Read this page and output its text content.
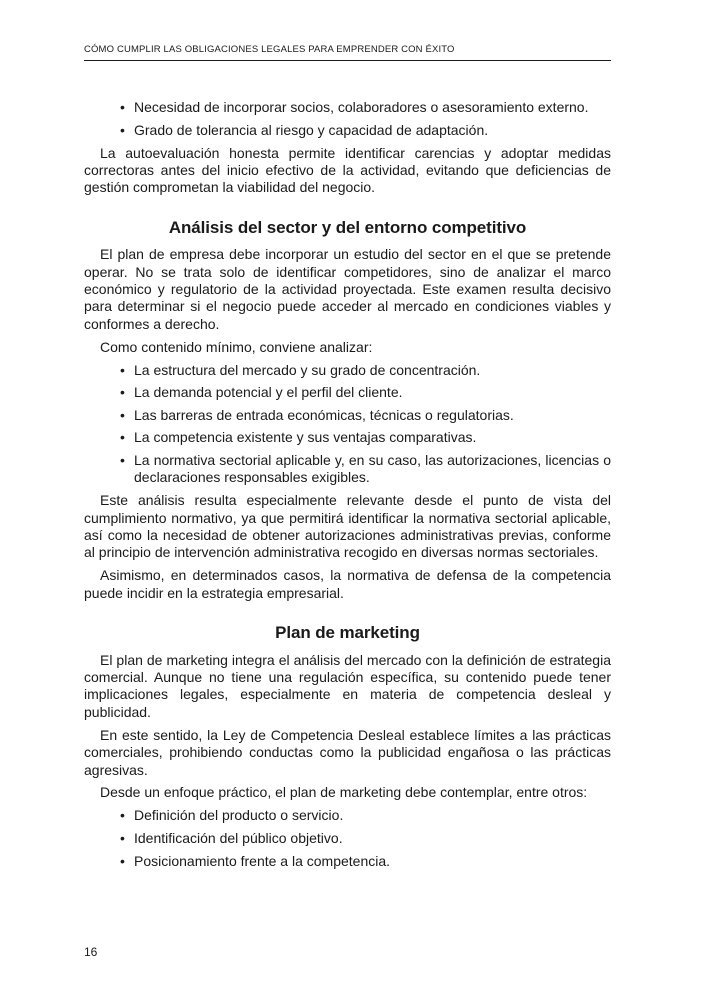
CÓMO CUMPLIR LAS OBLIGACIONES LEGALES PARA EMPRENDER CON ÉXITO
• Necesidad de incorporar socios, colaboradores o asesoramiento externo.
• Grado de tolerancia al riesgo y capacidad de adaptación.

La autoevaluación honesta permite identificar carencias y adoptar medidas correctoras antes del inicio efectivo de la actividad, evitando que deficiencias de gestión comprometan la viabilidad del negocio.

Análisis del sector y del entorno competitivo

El plan de empresa debe incorporar un estudio del sector en el que se pretende operar. No se trata solo de identificar competidores, sino de analizar el marco económico y regulatorio de la actividad proyectada. Este examen resulta decisivo para determinar si el negocio puede acceder al mercado en condiciones viables y conformes a derecho.

Como contenido mínimo, conviene analizar:

• La estructura del mercado y su grado de concentración.
• La demanda potencial y el perfil del cliente.
• Las barreras de entrada económicas, técnicas o regulatorias.
• La competencia existente y sus ventajas comparativas.
• La normativa sectorial aplicable y, en su caso, las autorizaciones, licencias o declaraciones responsables exigibles.

Este análisis resulta especialmente relevante desde el punto de vista del cumplimiento normativo, ya que permitirá identificar la normativa sectorial aplicable, así como la necesidad de obtener autorizaciones administrativas previas, conforme al principio de intervención administrativa recogido en diversas normas sectoriales.

Asimismo, en determinados casos, la normativa de defensa de la competencia puede incidir en la estrategia empresarial.

Plan de marketing

El plan de marketing integra el análisis del mercado con la definición de estrategia comercial. Aunque no tiene una regulación específica, su contenido puede tener implicaciones legales, especialmente en materia de competencia desleal y publicidad.

En este sentido, la Ley de Competencia Desleal establece límites a las prácticas comerciales, prohibiendo conductas como la publicidad engañosa o las prácticas agresivas.

Desde un enfoque práctico, el plan de marketing debe contemplar, entre otros:

• Definición del producto o servicio.
• Identificación del público objetivo.
• Posicionamiento frente a la competencia.
16
